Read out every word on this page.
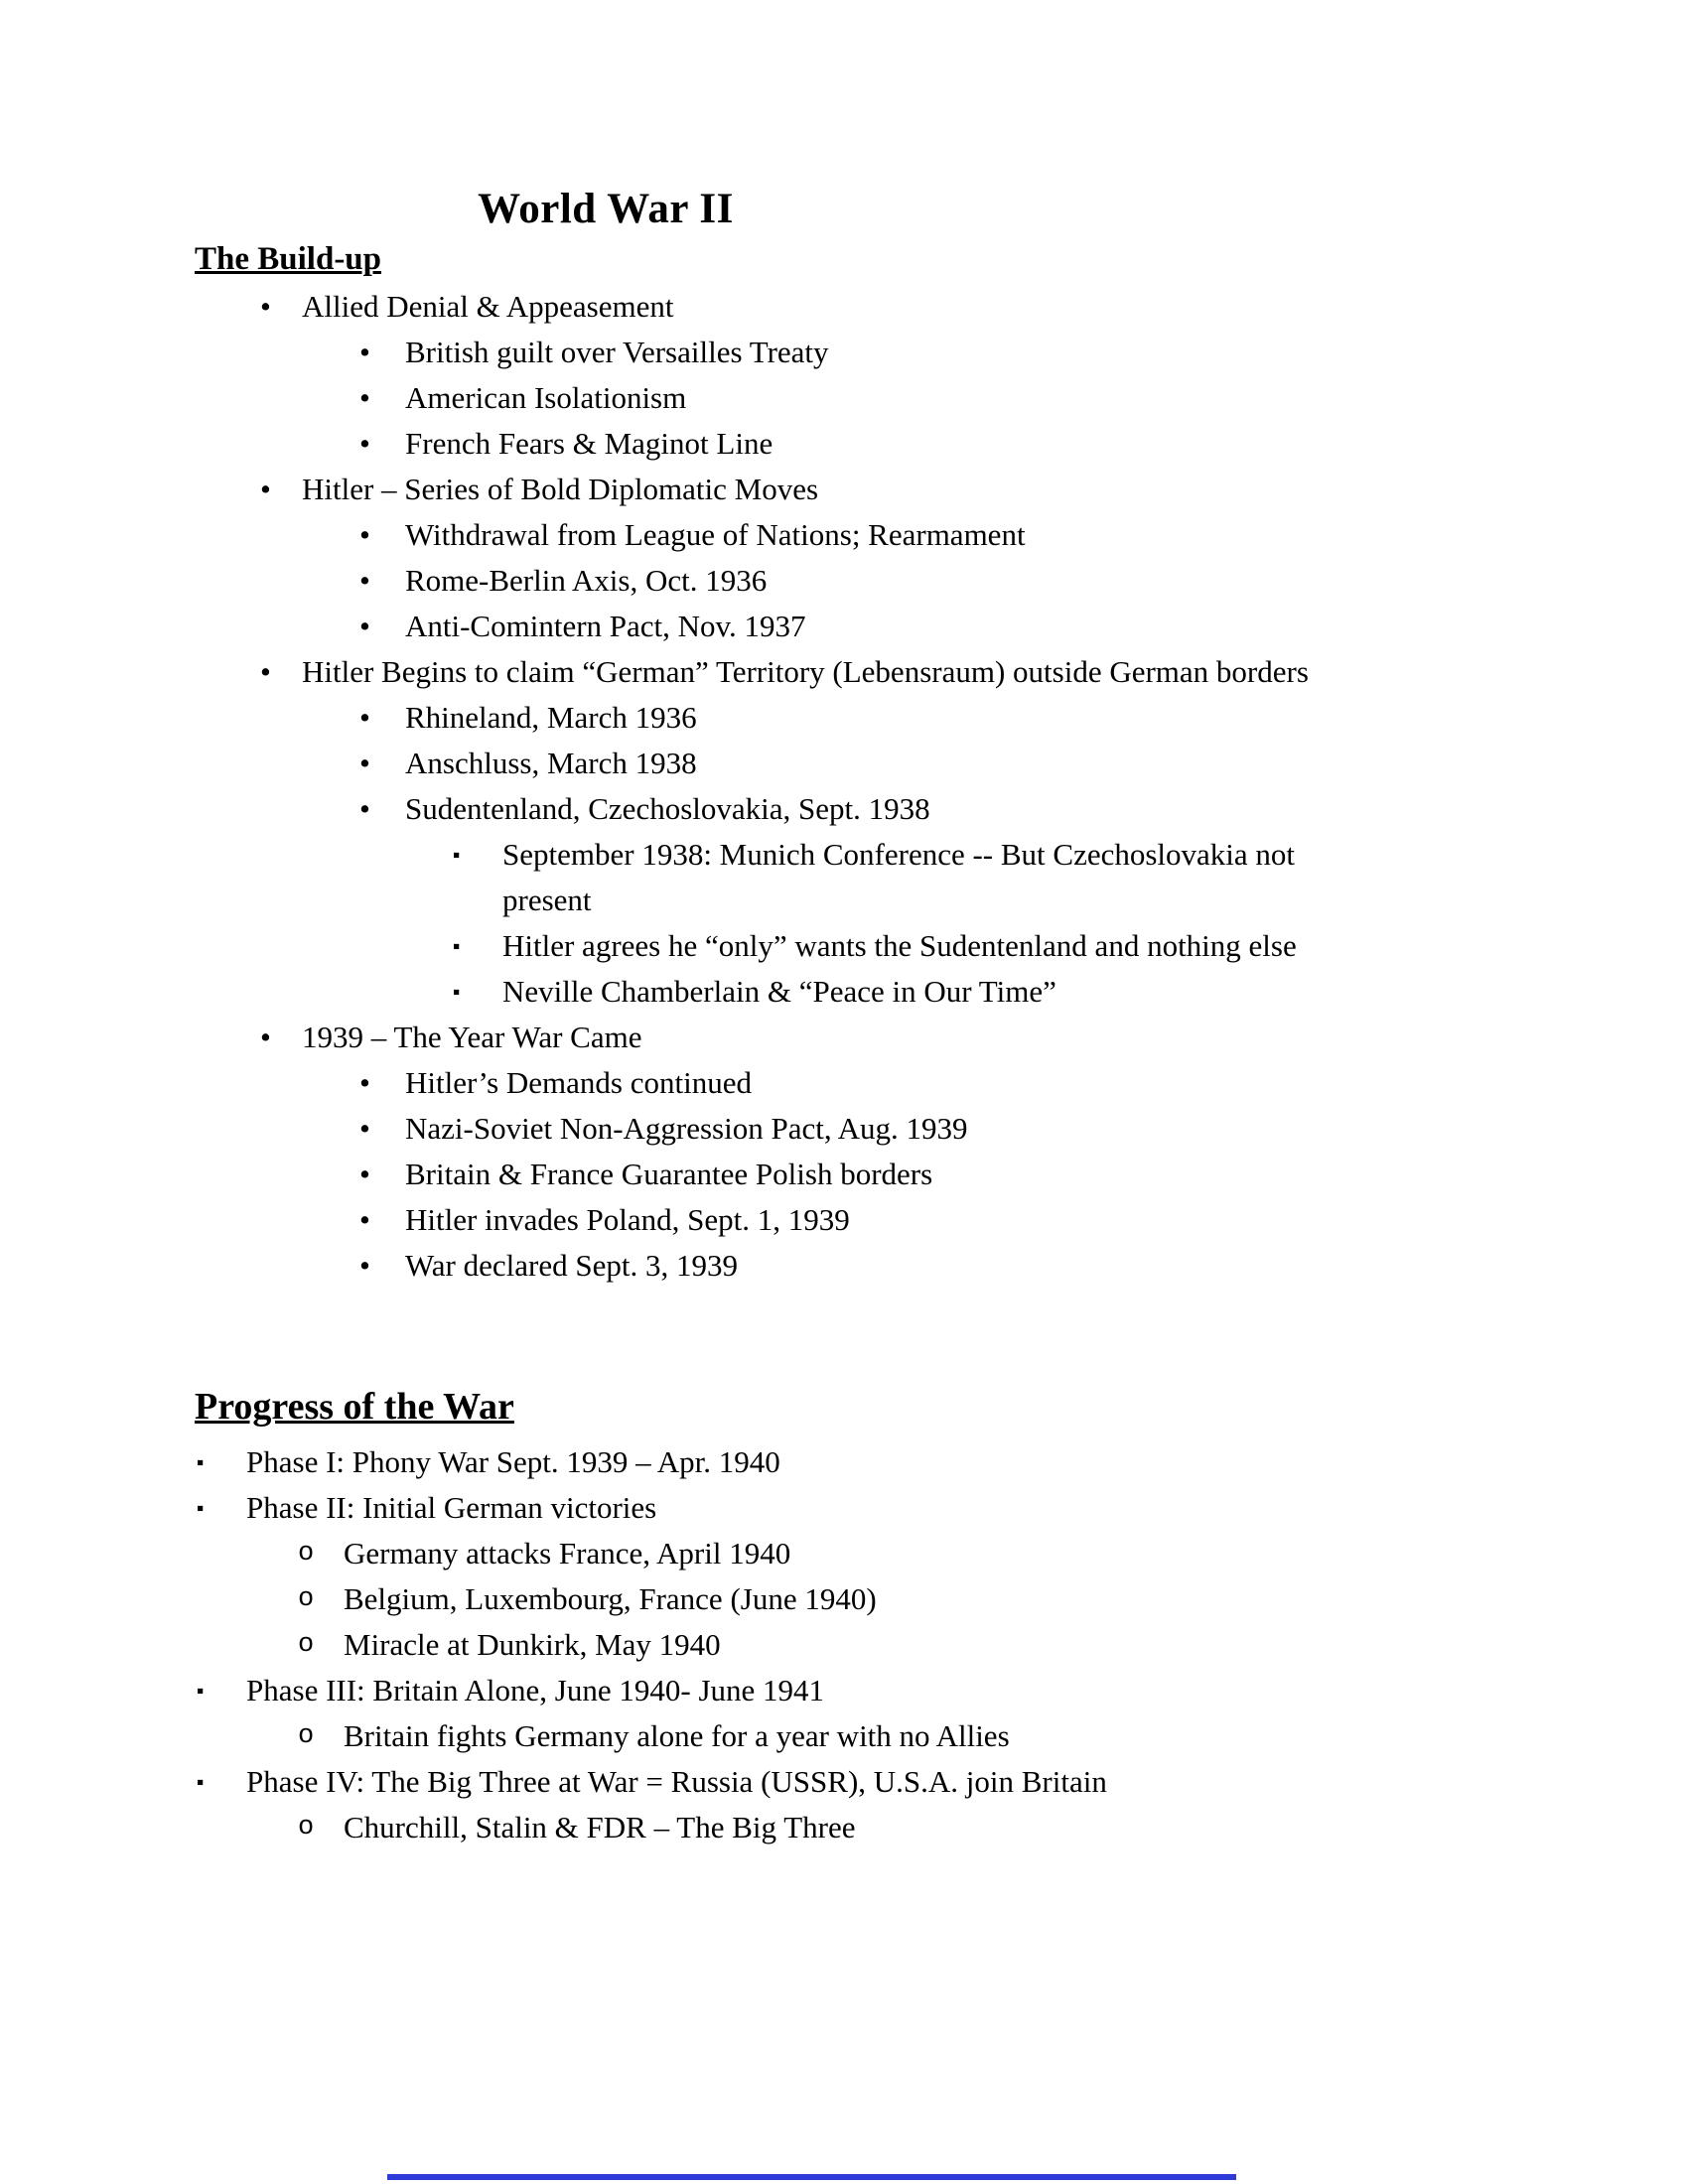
World War II
The Build-up
•	Allied Denial & Appeasement
•	British guilt over Versailles Treaty
•	American Isolationism
•	French Fears & Maginot Line
•	Hitler – Series of Bold Diplomatic Moves
•	Withdrawal from League of Nations; Rearmament
•	Rome-Berlin Axis, Oct. 1936
•	Anti-Comintern Pact, Nov. 1937
•	Hitler Begins to claim “German” Territory (Lebensraum) outside German borders
•	Rhineland, March 1936
•	Anschluss, March 1938
•	Sudentenland, Czechoslovakia, Sept. 1938
▪	September 1938: Munich Conference -- But Czechoslovakia not present
▪	Hitler agrees he “only” wants the Sudentenland and nothing else
▪	Neville Chamberlain & “Peace in Our Time”
•	1939 – The Year War Came
•	Hitler’s Demands continued
•	Nazi-Soviet Non-Aggression Pact, Aug. 1939
•	Britain & France Guarantee Polish borders
•	Hitler invades Poland, Sept. 1, 1939
•	War declared Sept. 3, 1939
Progress of the War
▪	Phase I: Phony War Sept. 1939 – Apr. 1940
▪	Phase II: Initial German victories
o Germany attacks France, April 1940
o Belgium, Luxembourg, France (June 1940)
o Miracle at Dunkirk, May 1940
▪	Phase III: Britain Alone, June 1940- June 1941
o Britain fights Germany alone for a year with no Allies
▪	Phase IV: The Big Three at War = Russia (USSR), U.S.A. join Britain
o Churchill, Stalin & FDR – The Big Three
